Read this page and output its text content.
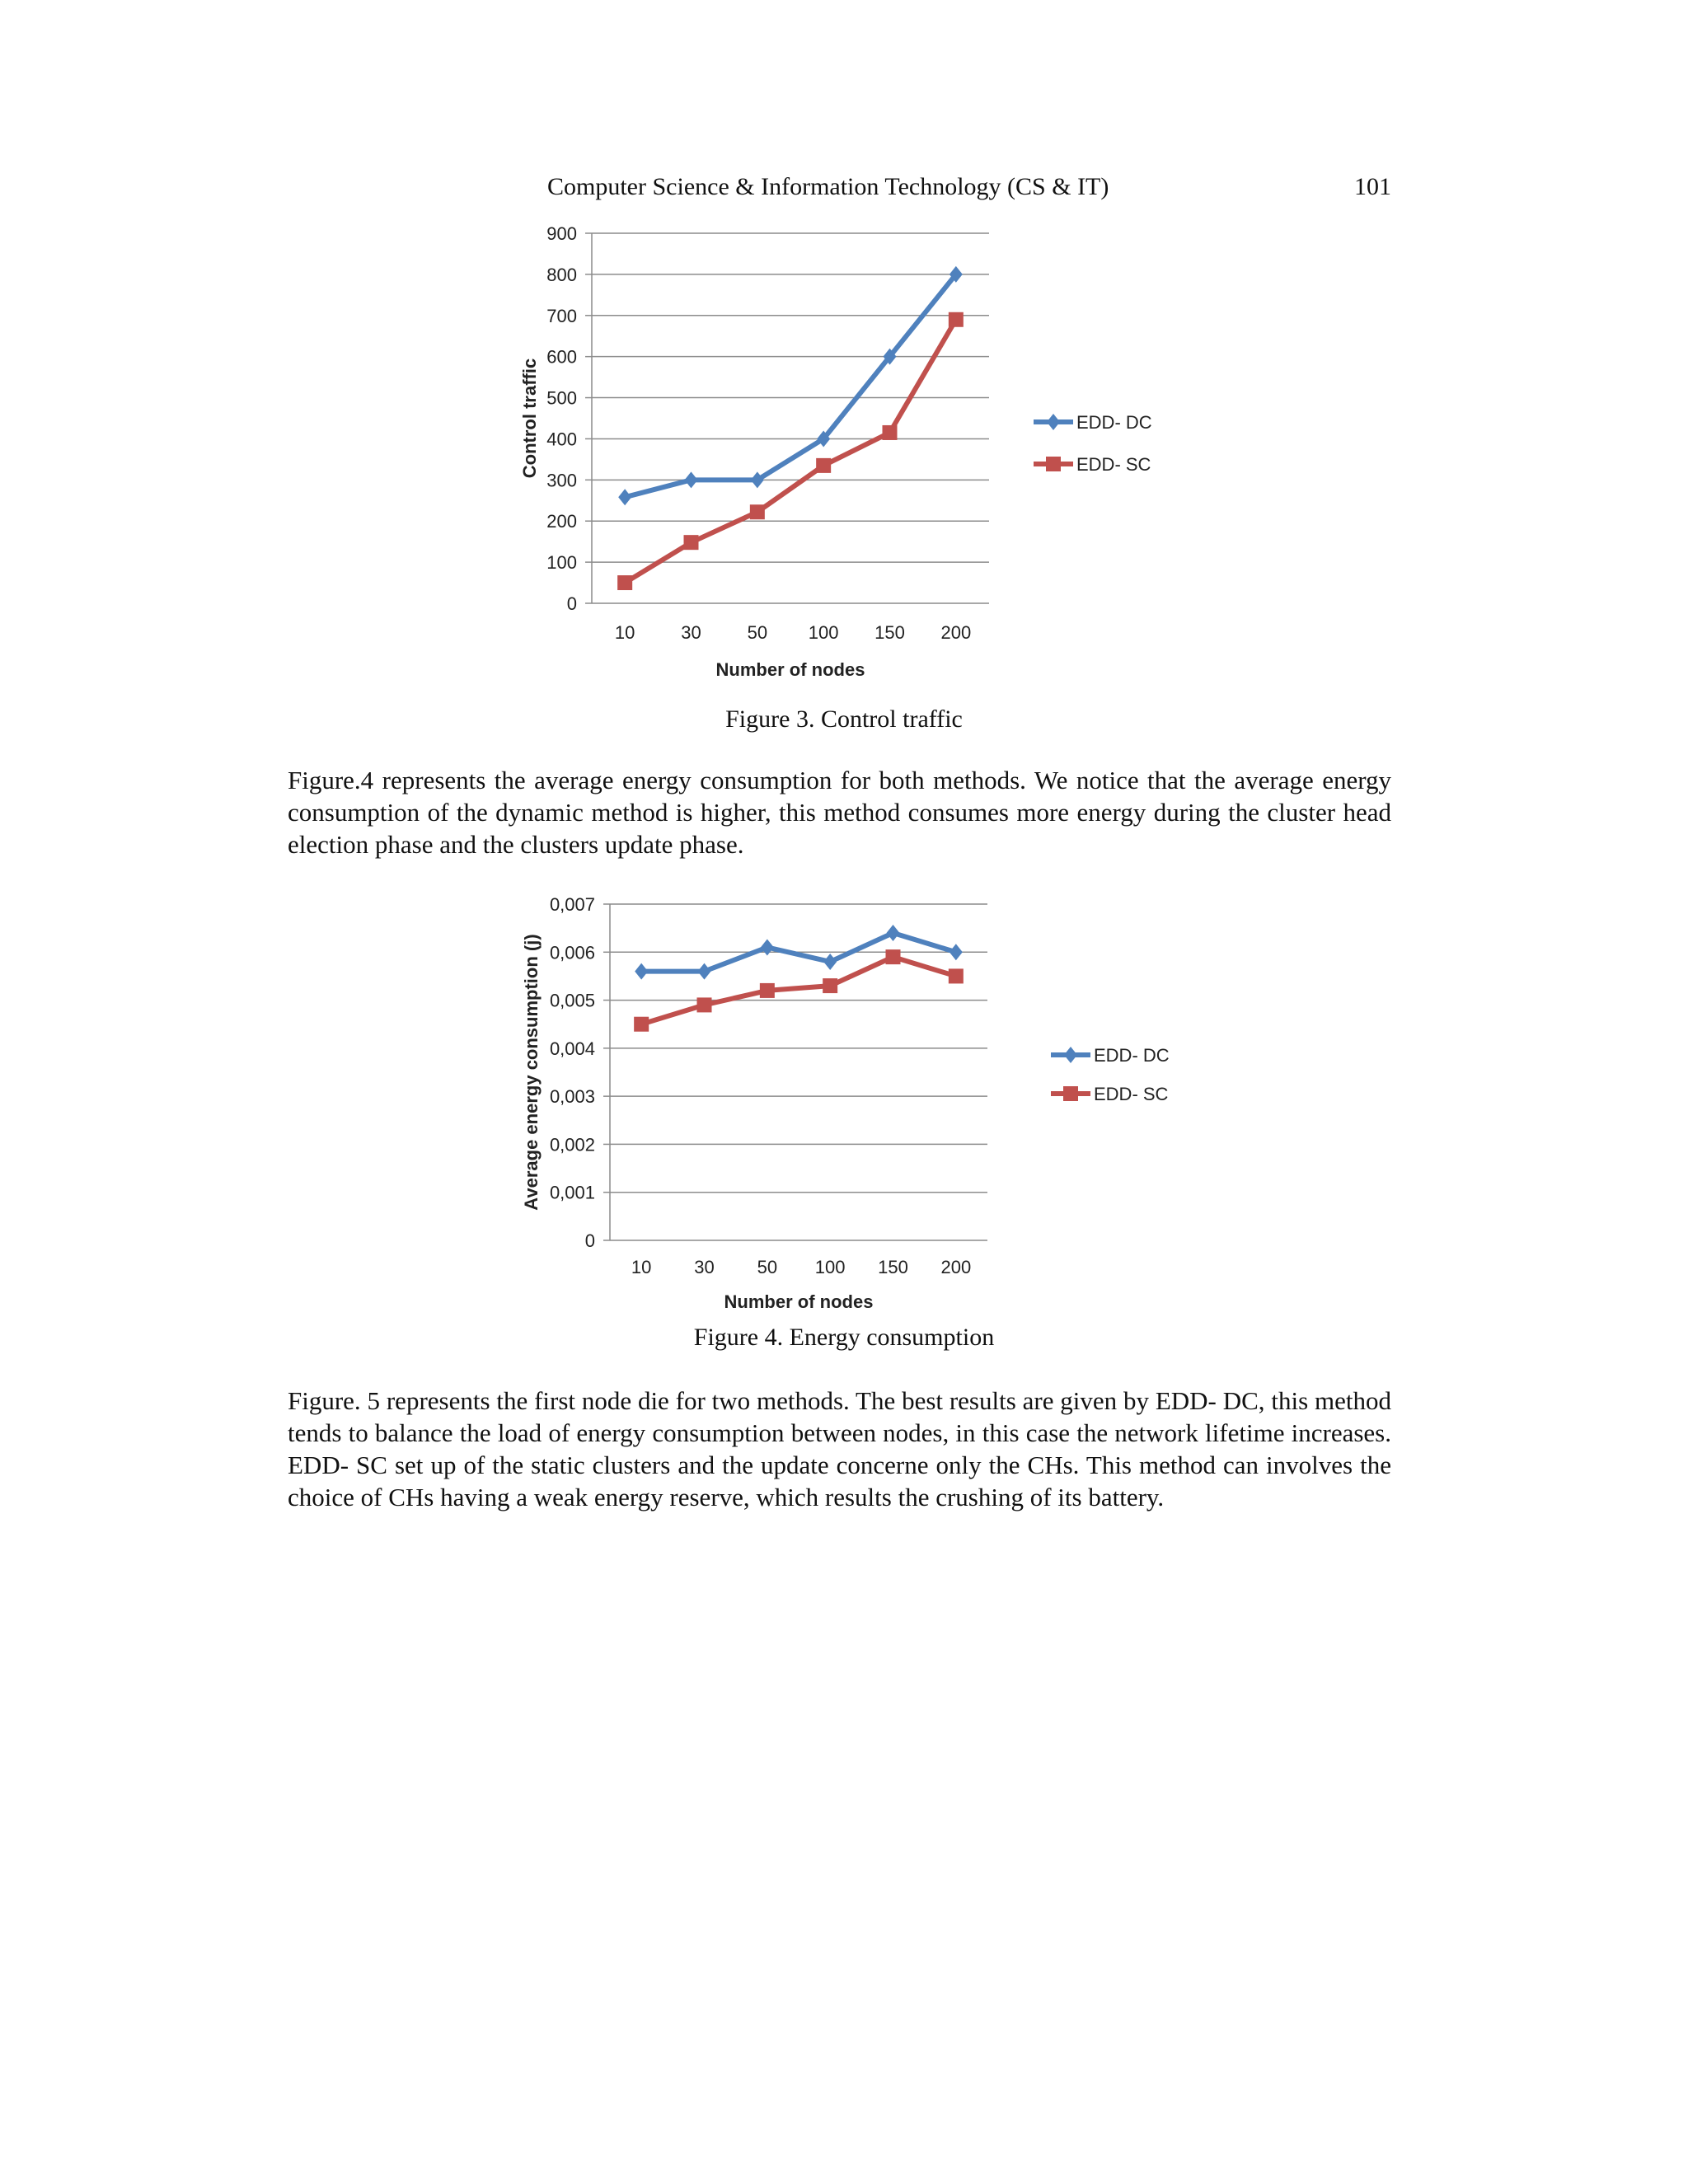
Computer Science & Information Technology (CS & IT)	101
0
100
200
300
400
500
600
700
800
900
10	30	50 100 150 200
Number of nodes
Control traffic	EDD- DC
EDD- SC
Figure 3. Control traffic

Figure.4 represents the average energy consumption for both methods. We notice that the average energy consumption of the dynamic method is higher, this method consumes more energy during the cluster head election phase and the clusters update phase.

0
0,001
0,002
0,003
0,004
0,005
0,006
0,007
10 30 50 100 150 200
Number of nodes
Average energy consumption (j)	EDD- DC
EDD- SC
Figure 4. Energy consumption

Figure. 5 represents the first node die for two methods. The best results are given by EDD- DC, this method tends to balance the load of energy consumption between nodes, in this case the network lifetime increases. EDD- SC set up of the static clusters and the update concerne only the CHs. This method can involves the choice of CHs having a weak energy reserve, which results the crushing of its battery.
